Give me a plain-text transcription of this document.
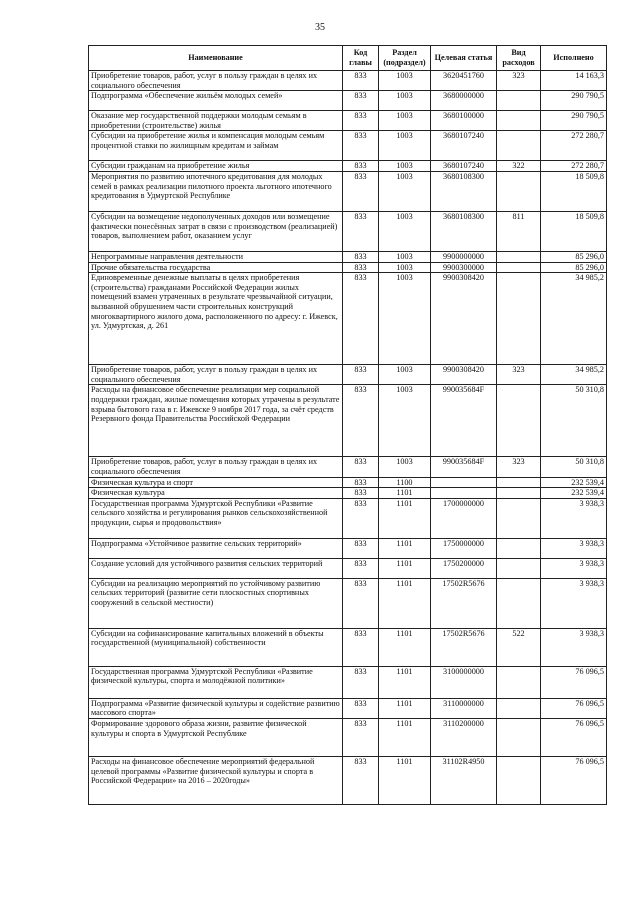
35
Наименование	Код главы	Раздел (подраздел)	Целевая статья	Вид расходов	Исполнено
Приобретение товаров, работ, услуг в пользу граждан в целях их социального обеспечения	833	1003	3620451760	323	14 163,3
Подпрограмма «Обеспечение жильём молодых семей»	833	1003	3680000000		290 790,5
Оказание мер государственной поддержки молодым семьям в приобретении (строительстве) жилья	833	1003	3680100000		290 790,5
Субсидии на приобретение жилья и компенсация молодым семьям процентной ставки по жилищным кредитам и займам	833	1003	3680107240		272 280,7
Субсидии гражданам на приобретение жилья	833	1003	3680107240	322	272 280,7
Мероприятия по развитию ипотечного кредитования для молодых семей в рамках реализации пилотного проекта льготного ипотечного кредитования в Удмуртской Республике	833	1003	3680108300		18 509,8
Субсидии на возмещение недополученных доходов или возмещение фактически понесённых затрат в связи с производством (реализацией) товаров, выполнением работ, оказанием услуг	833	1003	3680108300	811	18 509,8
Непрограммные направления деятельности	833	1003	9900000000		85 296,0
Прочие обязательства государства	833	1003	9900300000		85 296,0
Единовременные денежные выплаты в целях приобретения (строительства) гражданами Российской Федерации жилых помещений взамен утраченных в результате чрезвычайной ситуации, вызванной обрушением части строительных конструкций многоквартирного жилого дома, расположенного по адресу: г. Ижевск, ул. Удмуртская, д. 261	833	1003	9900308420		34 985,2
Приобретение товаров, работ, услуг в пользу граждан в целях их социального обеспечения	833	1003	9900308420	323	34 985,2
Расходы на финансовое обеспечение реализации мер социальной поддержки граждан, жилые помещения которых утрачены в результате взрыва бытового газа в г. Ижевске 9 ноября 2017 года, за счёт средств Резервного фонда Правительства Российской Федерации	833	1003	990035684F		50 310,8
Приобретение товаров, работ, услуг в пользу граждан в целях их социального обеспечения	833	1003	990035684F	323	50 310,8
Физическая культура и спорт	833	1100			232 539,4
Физическая культура	833	1101			232 539,4
Государственная программа Удмуртской Республики «Развитие сельского хозяйства и регулирования рынков сельскохозяйственной продукции, сырья и продовольствия»	833	1101	1700000000		3 938,3
Подпрограмма «Устойчивое развитие сельских территорий»	833	1101	1750000000		3 938,3
Создание условий для устойчивого развития сельских территорий	833	1101	1750200000		3 938,3
Субсидии на реализацию мероприятий по устойчивому развитию сельских территорий (развитие сети плоскостных спортивных сооружений в сельской местности)	833	1101	17502R5676		3 938,3
Субсидии на софинансирование капитальных вложений в объекты государственной (муниципальной) собственности	833	1101	17502R5676	522	3 938,3
Государственная программа Удмуртской Республики «Развитие физической культуры, спорта и молодёжной политики»	833	1101	3100000000		76 096,5
Подпрограмма «Развитие физической культуры и содействие развитию массового спорта»	833	1101	3110000000		76 096,5
Формирование здорового образа жизни, развитие физической культуры и спорта в Удмуртской Республике	833	1101	3110200000		76 096,5
Расходы на финансовое обеспечение мероприятий федеральной целевой программы «Развитие физической культуры и спорта в Российской Федерации» на 2016 – 2020годы»	833	1101	31102R4950		76 096,5
